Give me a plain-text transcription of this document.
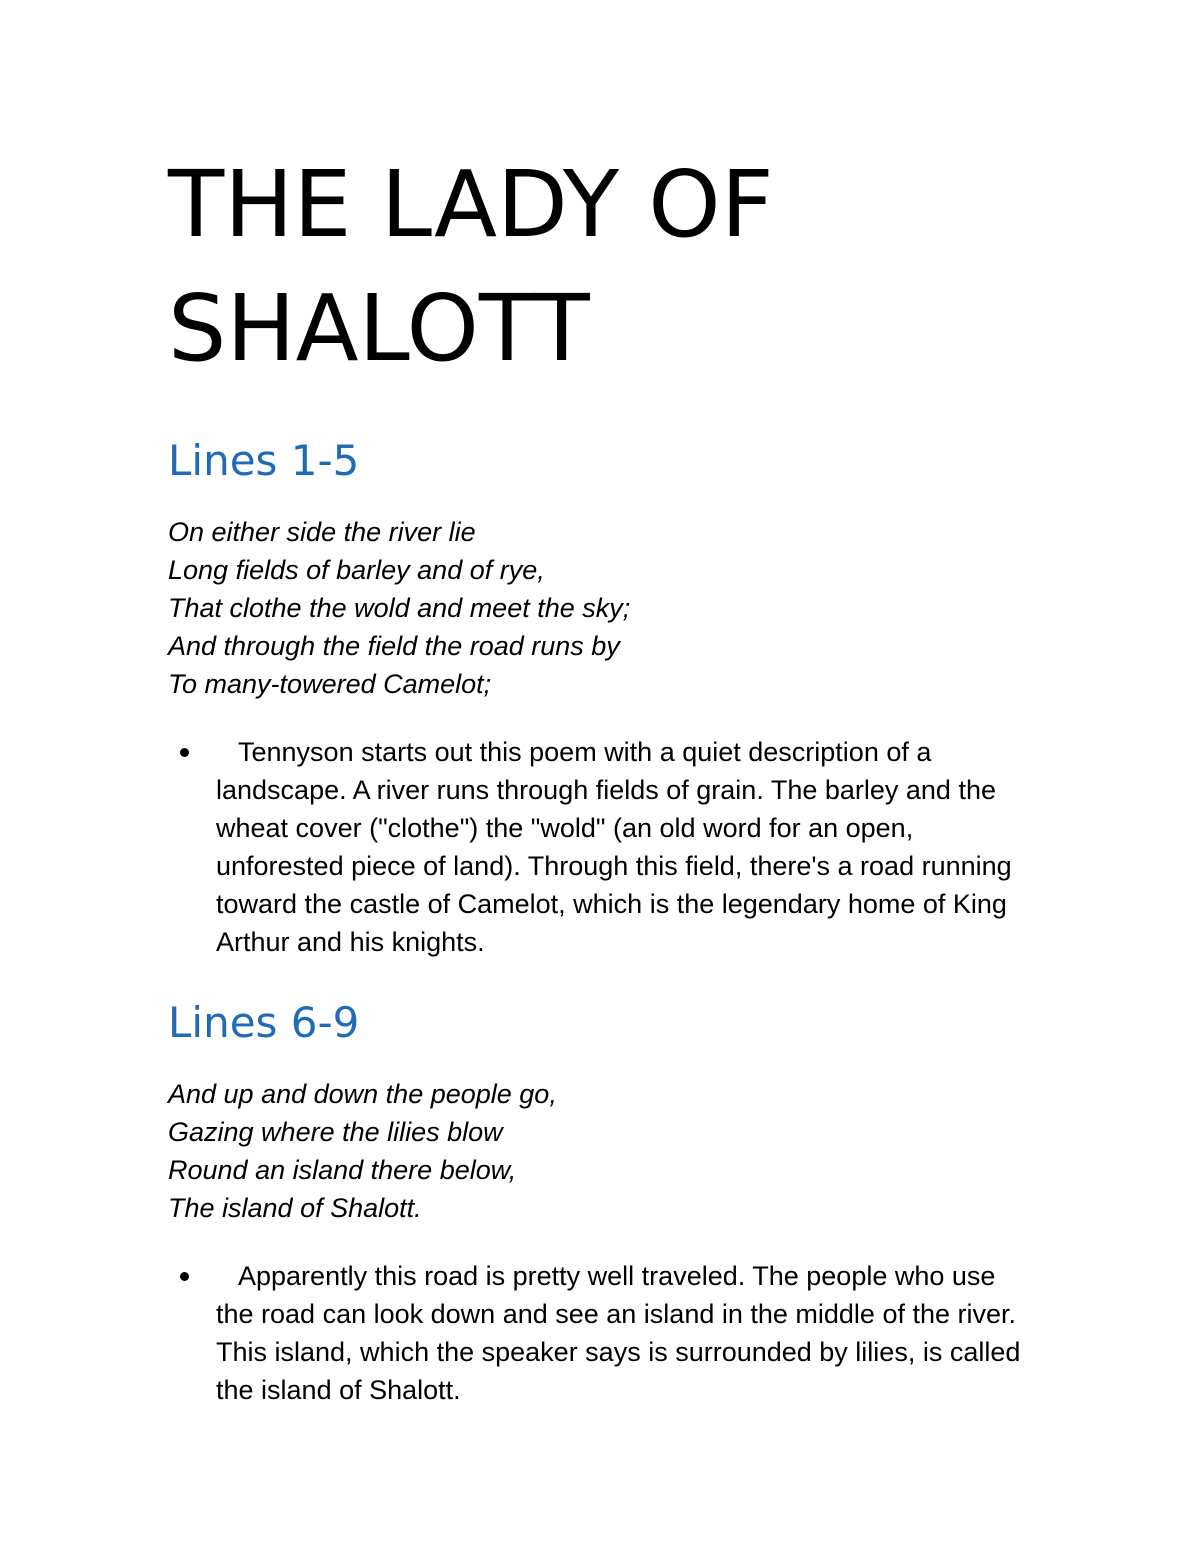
THE LADY OF
SHALOTT
Lines 1-5
On either side the river lie
Long fields of barley and of rye,
That clothe the wold and meet the sky;
And through the field the road runs by
To many-towered Camelot;
Tennyson starts out this poem with a quiet description of a landscape. A river runs through fields of grain. The barley and the wheat cover ("clothe") the "wold" (an old word for an open, unforested piece of land). Through this field, there's a road running toward the castle of Camelot, which is the legendary home of King Arthur and his knights.
Lines 6-9
And up and down the people go,
Gazing where the lilies blow
Round an island there below,
The island of Shalott.
Apparently this road is pretty well traveled. The people who use the road can look down and see an island in the middle of the river. This island, which the speaker says is surrounded by lilies, is called the island of Shalott.
